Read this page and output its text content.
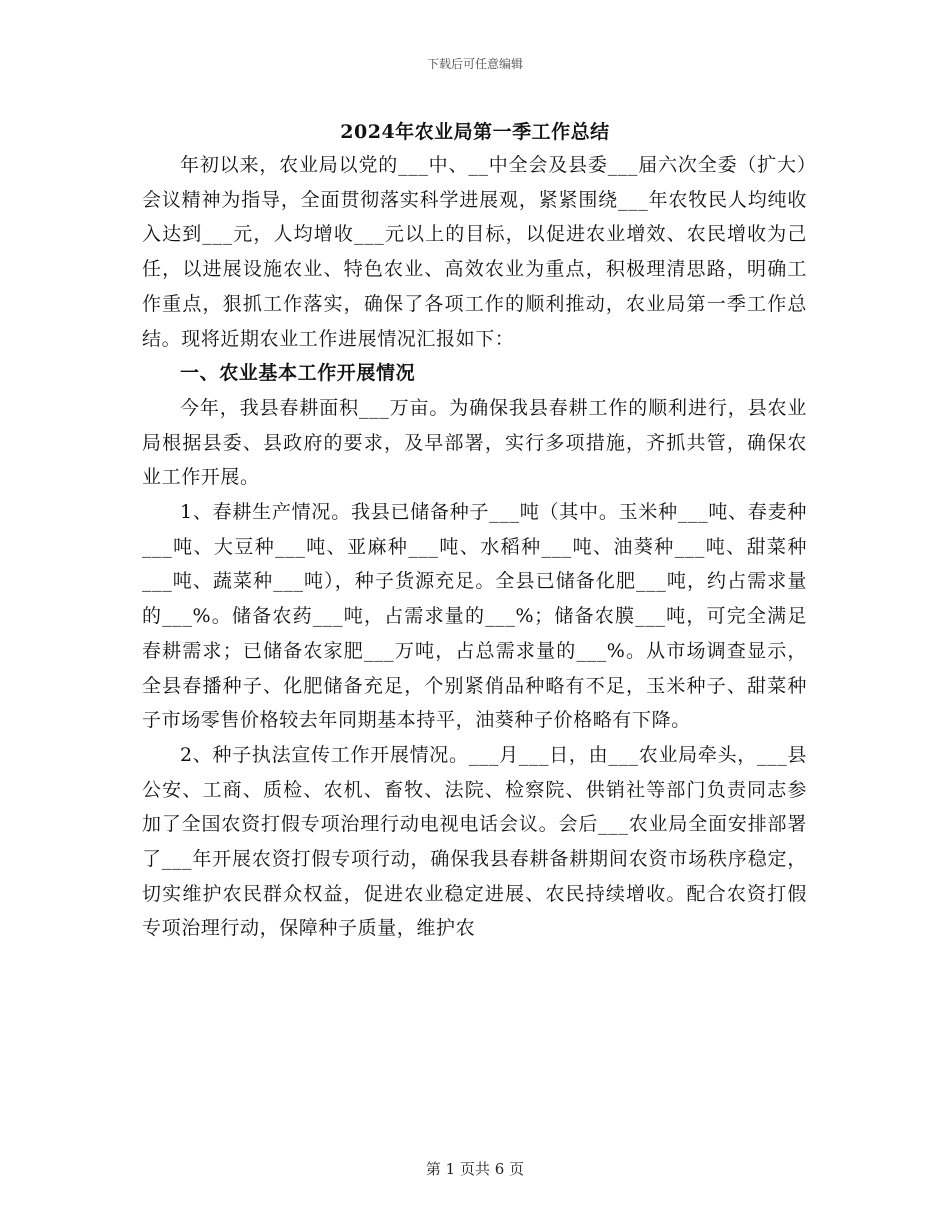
下载后可任意编辑
2024年农业局第一季工作总结

年初以来，农业局以党的___中、__中全会及县委___届六次全委（扩大）会议精神为指导，全面贯彻落实科学进展观，紧紧围绕___年农牧民人均纯收入达到___元，人均增收___元以上的目标，以促进农业增效、农民增收为己任，以进展设施农业、特色农业、高效农业为重点，积极理清思路，明确工作重点，狠抓工作落实，确保了各项工作的顺利推动，农业局第一季工作总结。现将近期农业工作进展情况汇报如下：

一、农业基本工作开展情况

今年，我县春耕面积___万亩。为确保我县春耕工作的顺利进行，县农业局根据县委、县政府的要求，及早部署，实行多项措施，齐抓共管，确保农业工作开展。

1、春耕生产情况。我县已储备种子___吨（其中。玉米种___吨、春麦种___吨、大豆种___吨、亚麻种___吨、水稻种___吨、油葵种___吨、甜菜种___吨、蔬菜种___吨），种子货源充足。全县已储备化肥___吨，约占需求量的___%。储备农药___吨，占需求量的___%；储备农膜___吨，可完全满足春耕需求；已储备农家肥___万吨，占总需求量的___%。从市场调查显示，全县春播种子、化肥储备充足，个别紧俏品种略有不足，玉米种子、甜菜种子市场零售价格较去年同期基本持平，油葵种子价格略有下降。

2、种子执法宣传工作开展情况。___月___日，由___农业局牵头，___县公安、工商、质检、农机、畜牧、法院、检察院、供销社等部门负责同志参加了全国农资打假专项治理行动电视电话会议。会后___农业局全面安排部署了___年开展农资打假专项行动，确保我县春耕备耕期间农资市场秩序稳定，切实维护农民群众权益，促进农业稳定进展、农民持续增收。配合农资打假专项治理行动，保障种子质量，维护农

第 1 页共 6 页
